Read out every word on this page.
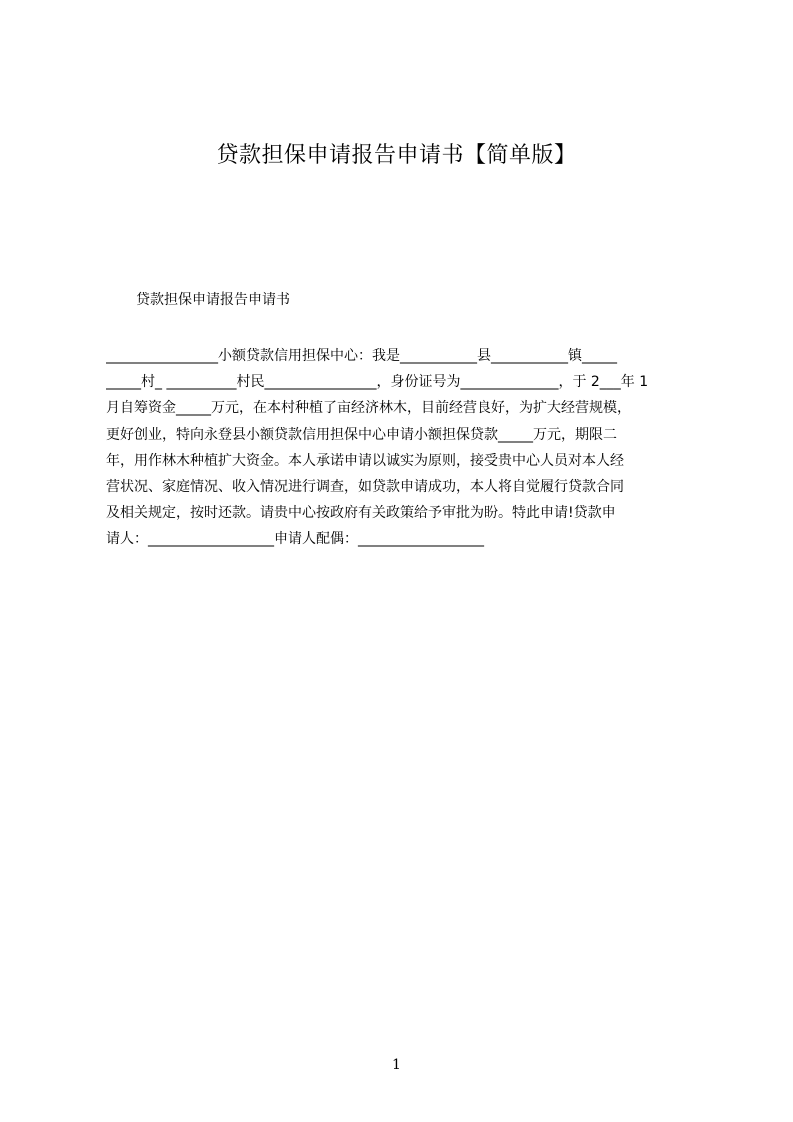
贷款担保申请报告申请书【简单版】
贷款担保申请报告申请书
________________小额贷款信用担保中心：我是___________县___________镇_____
_____村_ __________村民________________，身份证号为______________，于 2___年 1
月自筹资金_____万元，在本村种植了亩经济林木，目前经营良好，为扩大经营规模，
更好创业，特向永登县小额贷款信用担保中心申请小额担保贷款_____万元，期限二
年，用作林木种植扩大资金。本人承诺申请以诚实为原则，接受贵中心人员对本人经
营状况、家庭情况、收入情况进行调查，如贷款申请成功，本人将自觉履行贷款合同
及相关规定，按时还款。请贵中心按政府有关政策给予审批为盼。特此申请!贷款申
请人：__________________申请人配偶：__________________
1
